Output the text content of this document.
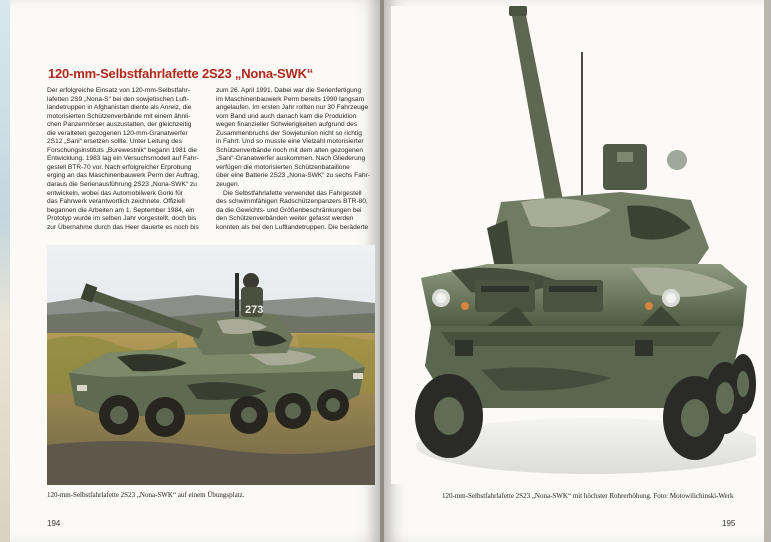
120-mm-Selbstfahrlafette 2S23 „Nona-SWK“

Der erfolgreiche Einsatz von 120-mm-Selbstfahr-
lafetten 2S9 „Nona-S“ bei den sowjetischen Luft-
landetruppen in Afghanistan diente als Anreiz, die
motorisierten Schützenverbände mit einem ähnli-
chen Panzermörser auszustatten, der gleichzeitig
die veralteten gezogenen 120-mm-Granatwerfer
2S12 „Sani“ ersetzen sollte. Unter Leitung des
Forschungsinstituts „Burewestnik“ begann 1981 die
Entwicklung. 1983 lag ein Versuchsmodell auf Fahr-
gestell BTR-70 vor. Nach erfolgreicher Erprobung
erging an das Maschinenbauwerk Perm der Auftrag,
daraus die Serienausführung 2S23 „Nona-SWK“ zu
entwickeln, wobei das Automobilwerk Gorki für
das Fahrwerk verantwortlich zeichnete. Offiziell
begannen die Arbeiten am 1. September 1984, ein
Prototyp wurde im selben Jahr vorgestellt, doch bis
zur Übernahme durch das Heer dauerte es noch bis

zum 26. April 1991. Dabei war die Serienfertigung
im Maschinenbauwerk Perm bereits 1990 langsam
angelaufen. Im ersten Jahr rollten nur 30 Fahrzeuge
vom Band und auch danach kam die Produktion
wegen finanzieller Schwierigkeiten aufgrund des
Zusammenbruchs der Sowjetunion nicht so richtig
in Fahrt. Und so musste eine Vielzahl motorisierter
Schützenverbände noch mit dem alten gezogenen
„Sani“-Granatwerfer auskommen. Nach Gliederung
verfügen die motorisierten Schützenbataillone
über eine Batterie 2S23 „Nona-SWK“ zu sechs Fahr-
zeugen.

Die Selbstfahrlafette verwendet das Fahrgestell
des schwimmfähigen Radschützenpanzers BTR-80,
da die Gewichts- und Größenbeschränkungen bei
den Schützenverbänden weiter gefasst werden
konnten als bei den Luftlandetruppen. Die beräderte

273
120-mm-Selbstfahrlafette 2S23 „Nona-SWK“ auf einem Übungsplatz.
194
120-mm-Selbstfahrlafette 2S23 „Nona-SWK“ mit höchster Rohrerhöhung. Foto: Motowilichinski-Werk
195
